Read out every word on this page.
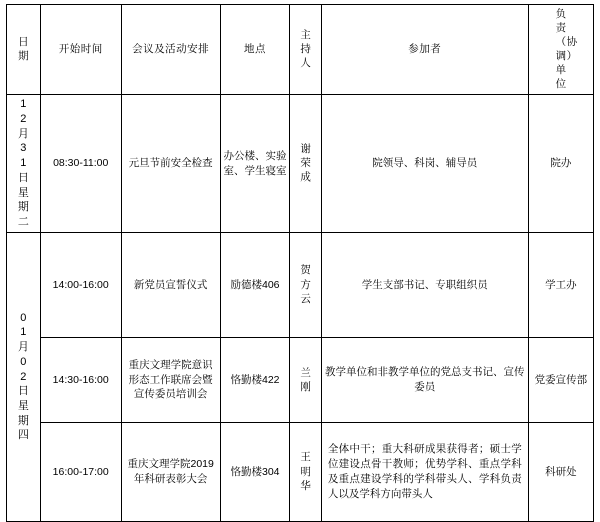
日期	开始时间	会议及活动安排	地点	主持人	参加者	负责（协调）单位
12月31日星期二	08:30-11:00	元旦节前安全检查	办公楼、实验室、学生寝室	谢荣成	院领导、科岗、辅导员	院办
01月02日星期四	14:00-16:00	新党员宣誓仪式	励德楼406	贺方云	学生支部书记、专职组织员	学工办
	14:30-16:00	重庆文理学院意识形态工作联席会暨宣传委员培训会	恪勤楼422	兰刚	教学单位和非教学单位的党总支书记、宣传委员	党委宣传部
	16:00-17:00	重庆文理学院2019年科研表彰大会	恪勤楼304	王明华	全体中干；重大科研成果获得者；硕士学位建设点骨干教师；优势学科、重点学科及重点建设学科的学科带头人、学科负责人以及学科方向带头人	科研处
